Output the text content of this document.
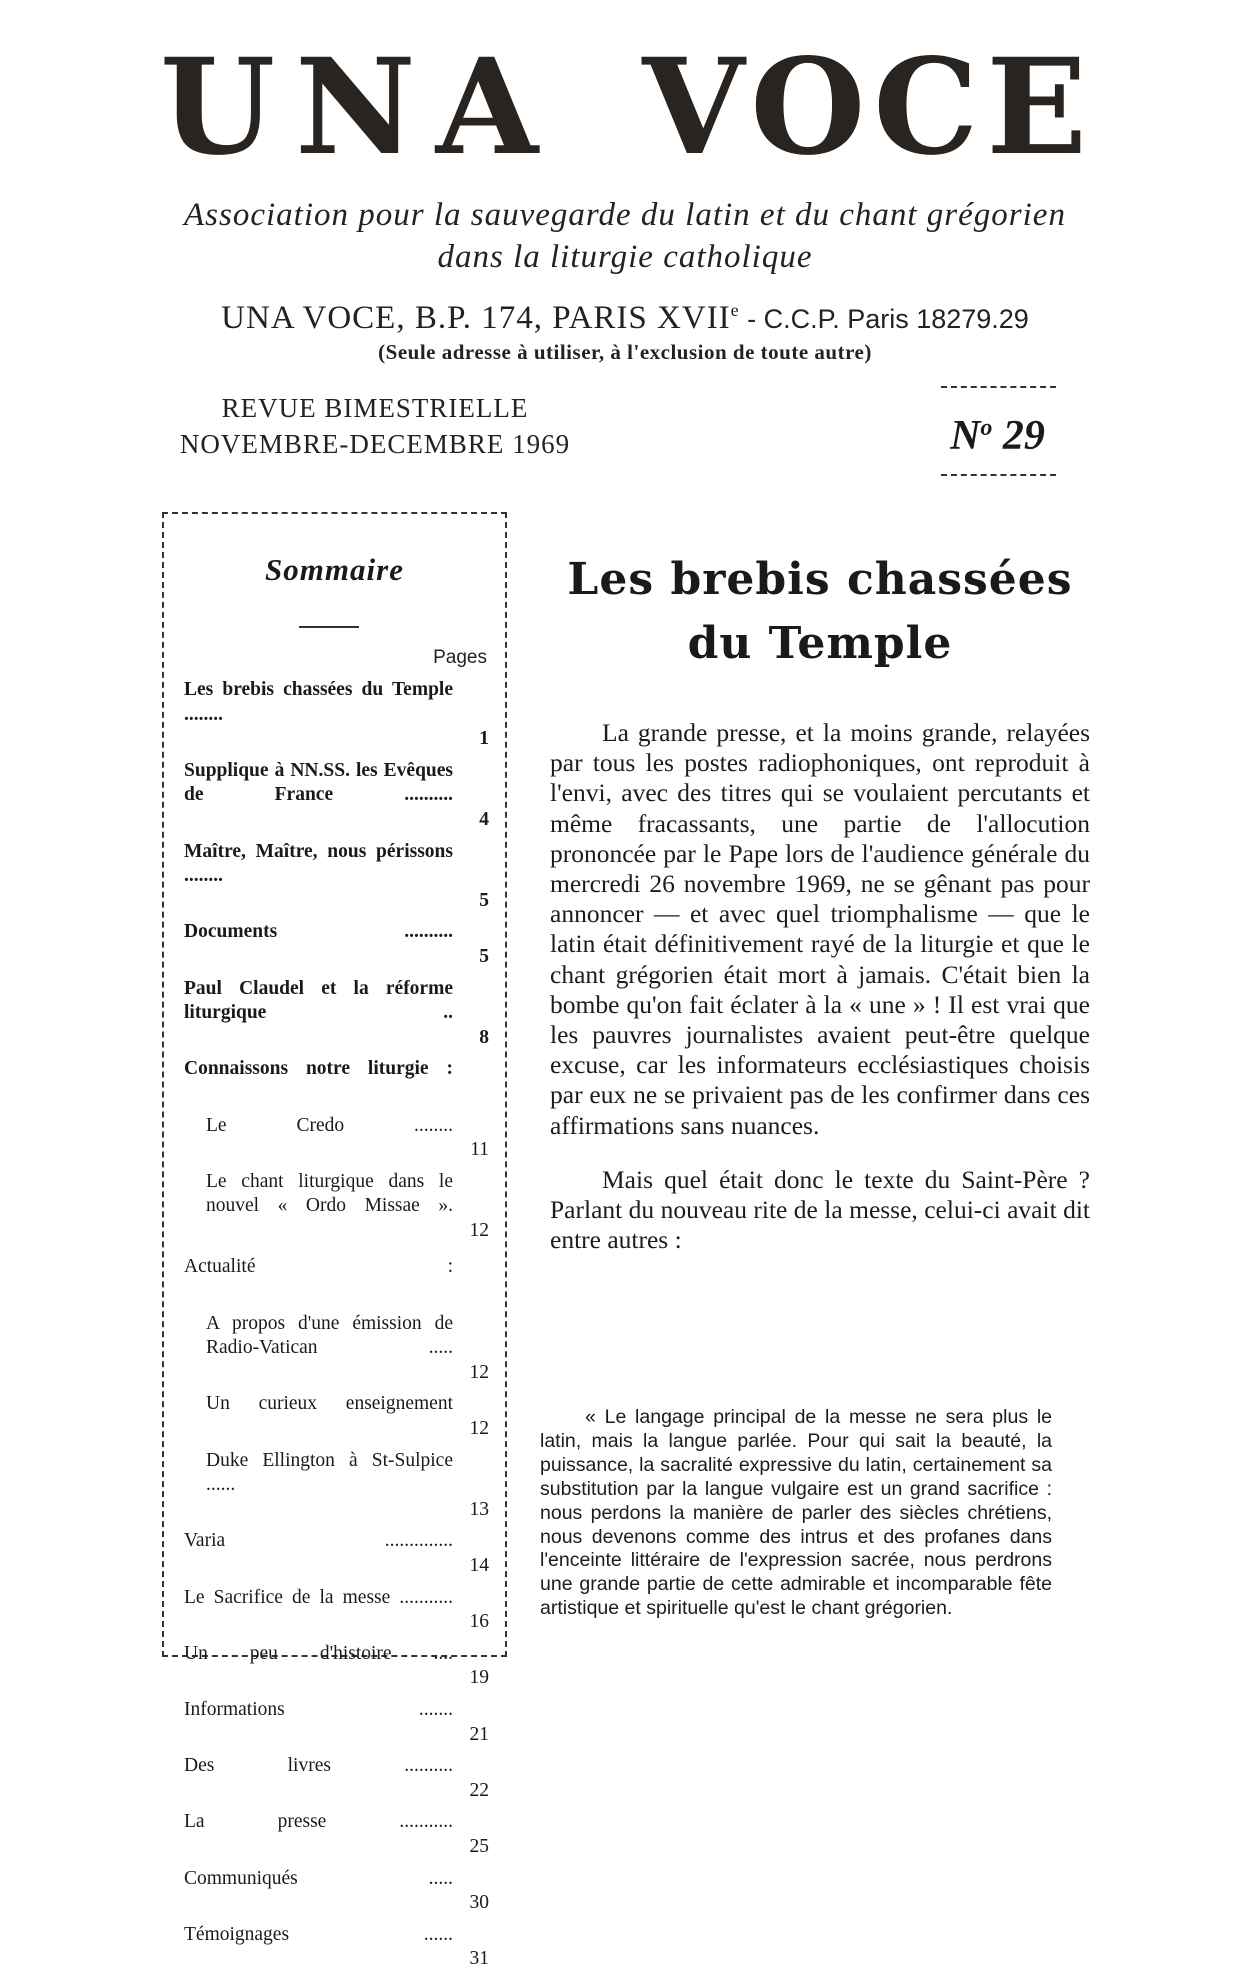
UNA VOCE
Association pour la sauvegarde du latin et du chant grégorien dans la liturgie catholique
UNA VOCE, B.P. 174, PARIS XVIIe - C.C.P. Paris 18279.29
(Seule adresse à utiliser, à l'exclusion de toute autre)
REVUE BIMESTRIELLE
NOVEMBRE-DECEMBRE 1969	$N^o$ 29
Sommaire
Pages
Les brebis chassées du Temple ........
1
Supplique à NN.SS. les Evêques de France ..........
4
Maître, Maître, nous périssons ........
5
Documents ..........
5
Paul Claudel et la réforme liturgique ..
8
Connaissons notre liturgie :
Le Credo ........
11
Le chant liturgique dans le nouvel « Ordo Missae ».
12
Actualité :
A propos d'une émission de Radio-Vatican .....
12
Un curieux enseignement
12
Duke Ellington à St-Sulpice ......
13
Varia ..............
14
Le Sacrifice de la messe ...........
16
Un peu d'histoire ....
19
Informations .......
21
Des livres ..........
22
La presse ...........
25
Communiqués .....
30
Témoignages ......
31
Les brebis chassées
du Temple

La grande presse, et la moins grande, relayées par tous les postes radiophoniques, ont reproduit à l'envi, avec des titres qui se voulaient percutants et même fracassants, une partie de l'allocution prononcée par le Pape lors de l'audience générale du mercredi 26 novembre 1969, ne se gênant pas pour annoncer — et avec quel triomphalisme — que le latin était définitivement rayé de la liturgie et que le chant grégorien était mort à jamais. C'était bien la bombe qu'on fait éclater à la « une » ! Il est vrai que les pauvres journalistes avaient peut-être quelque excuse, car les informateurs ecclésiastiques choisis par eux ne se privaient pas de les confirmer dans ces affirmations sans nuances.

Mais quel était donc le texte du Saint-Père ? Parlant du nouveau rite de la messe, celui-ci avait dit entre autres :

« Le langage principal de la messe ne sera plus le latin, mais la langue parlée. Pour qui sait la beauté, la puissance, la sacralité expressive du latin, certainement sa substitution par la langue vulgaire est un grand sacrifice : nous perdons la manière de parler des siècles chrétiens, nous devenons comme des intrus et des profanes dans l'enceinte littéraire de l'expression sacrée, nous perdrons une grande partie de cette admirable et incomparable fête artistique et spirituelle qu'est le chant grégorien.
